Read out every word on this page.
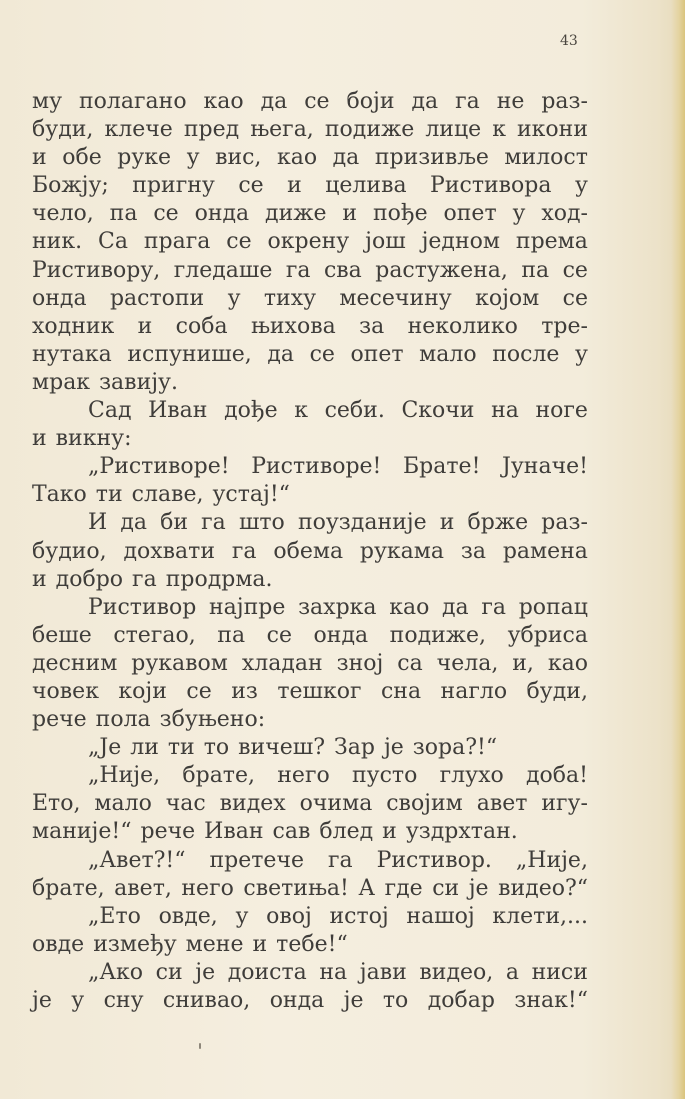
43
му полагано као да се боји да га не раз-
буди, клече пред њега, подиже лице к икони
и обе руке у вис, као да призивље милост
Божју; пригну се и целива Ристивора у
чело, па се онда диже и пође опет у ход-
ник. Са прага се окрену још једном према
Ристивору, гледаше га сва растужена, па се
онда растопи у тиху месечину којом се
ходник и соба њихова за неколико тре-
нутака испунише, да се опет мало после у
мрак завију.
Сад Иван дође к себи. Скочи на ноге
и викну:
„Ристиворе! Ристиворе! Брате! Јуначе!
Тако ти славе, устај!“
И да би га што поузданије и брже раз-
будио, дохвати га обема рукама за рамена
и добро га продрма.
Ристивор најпре захрка као да га ропац
беше стегао, па се онда подиже, убриса
десним рукавом хладан зној са чела, и, као
човек који се из тешког сна нагло буди,
рече пола збуњено:
„Је ли ти то вичеш? Зар је зора?!“
„Није, брате, него пусто глухо доба!
Ето, мало час видех очима својим авет игу-
маније!“ рече Иван сав блед и уздрхтан.
„Авет?!“ претече га Ристивор. „Није,
брате, авет, него светиња! А где си је видео?“
„Ето овде, у овој истој нашој клети,...
овде између мене и тебе!“
„Ако си је доиста на јави видео, а ниси
је у сну снивао, онда је то добар знак!“
